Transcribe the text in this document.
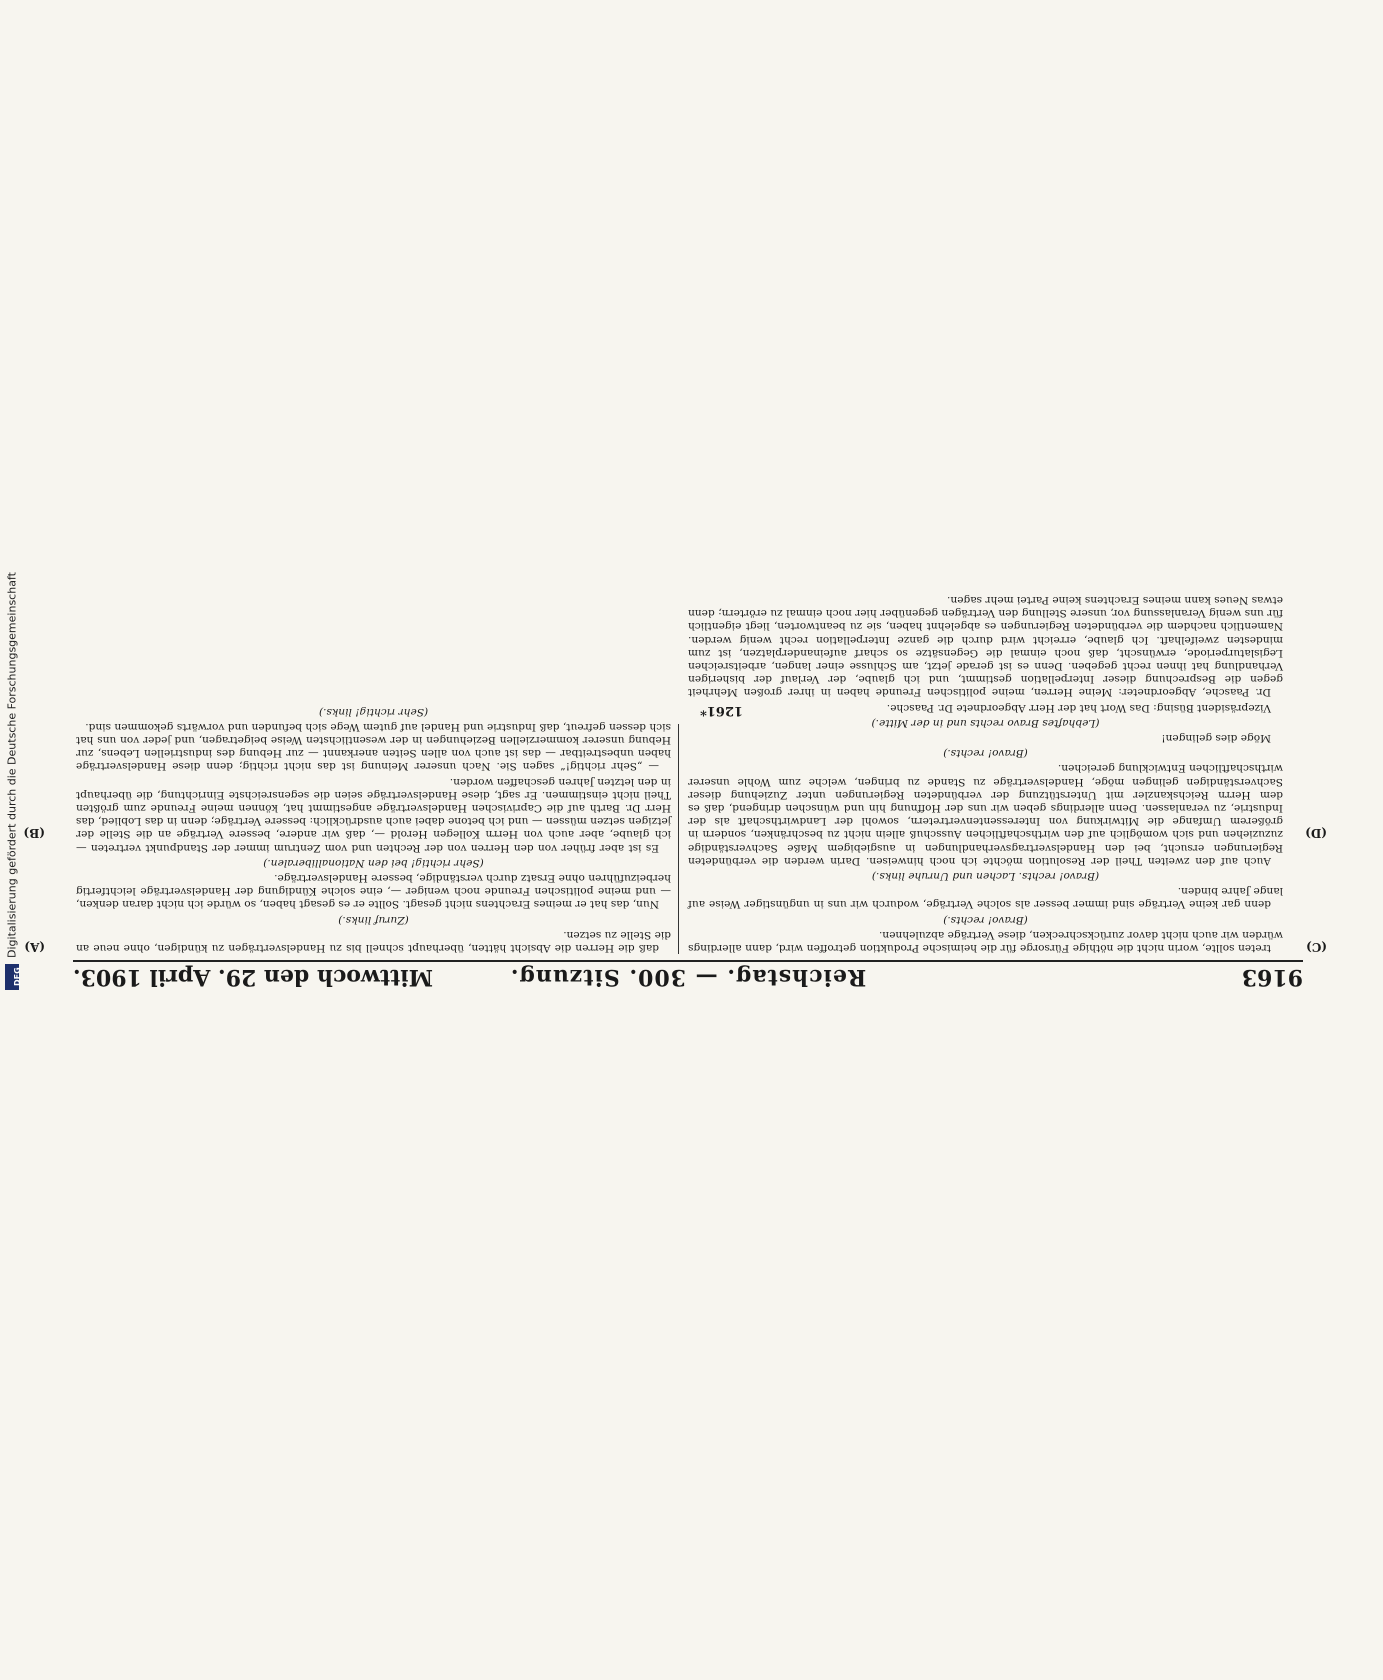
9163
Reichstag. — 300. Sitzung.
Mittwoch den 29. April 1903.
(A)
(B)
(C)
(D)

treten sollte, worin nicht die nöthige Fürsorge für die heimische Produktion getroffen wird, dann allerdings würden wir auch nicht davor zurückschrecken, diese Verträge abzulehnen.

(Bravo! rechts.)

denn gar keine Verträge sind immer besser als solche Verträge, wodurch wir uns in ungünstiger Weise auf lange Jahre binden.

(Bravo! rechts. Lachen und Unruhe links.)

Auch auf den zweiten Theil der Resolution möchte ich noch hinweisen. Darin werden die verbündeten Regierungen ersucht, bei den Handelsvertragsverhandlungen in ausgiebigem Maße Sachverständige zuzuziehen und sich womöglich auf den wirthschaftlichen Ausschuß allein nicht zu beschränken, sondern in größerem Umfange die Mitwirkung von Interessentenvertretern, sowohl der Landwirthschaft als der Industrie, zu veranlassen. Denn allerdings geben wir uns der Hoffnung hin und wünschen dringend, daß es dem Herrn Reichskanzler mit Unterstützung der verbündeten Regierungen unter Zuziehung dieser Sachverständigen gelingen möge, Handelsverträge zu Stande zu bringen, welche zum Wohle unserer wirthschaftlichen Entwicklung gereichen.

(Bravo! rechts.)

Möge dies gelingen!

(Lebhaftes Bravo rechts und in der Mitte.)

Vizepräsident Büsing: Das Wort hat der Herr Abgeordnete Dr. Paasche.

Dr. Paasche, Abgeordneter: Meine Herren, meine politischen Freunde haben in ihrer großen Mehrheit gegen die Besprechung dieser Interpellation gestimmt, und ich glaube, der Verlauf der bisherigen Verhandlung hat ihnen recht gegeben. Denn es ist gerade jetzt, am Schlusse einer langen, arbeitsreichen Legislaturperiode, erwünscht, daß noch einmal die Gegensätze so scharf aufeinanderplatzen, ist zum mindesten zweifelhaft. Ich glaube, erreicht wird durch die ganze Interpellation recht wenig werden. Namentlich nachdem die verbündeten Regierungen es abgelehnt haben, sie zu beantworten, liegt eigentlich für uns wenig Veranlassung vor, unsere Stellung den Verträgen gegenüber hier noch einmal zu erörtern; denn etwas Neues kann meines Erachtens keine Partei mehr sagen.

daß die Herren die Absicht hätten, überhaupt schnell bis zu Handelsverträgen zu kündigen, ohne neue an die Stelle zu setzen.

(Zuruf links.)

Nun, das hat er meines Erachtens nicht gesagt. Sollte er es gesagt haben, so würde ich nicht daran denken, — und meine politischen Freunde noch weniger —, eine solche Kündigung der Handelsverträge leichtfertig herbeizuführen ohne Ersatz durch verständige, bessere Handelsverträge.

(Sehr richtig! bei den Nationalliberalen.)

Es ist aber früher von den Herren von der Rechten und vom Zentrum immer der Standpunkt vertreten — ich glaube, aber auch von Herrn Kollegen Herold —, daß wir andere, bessere Verträge an die Stelle der jetzigen setzen müssen — und ich betone dabei auch ausdrücklich: bessere Verträge; denn in das Loblied, das Herr Dr. Barth auf die Caprivischen Handelsverträge angestimmt hat, können meine Freunde zum größten Theil nicht einstimmen. Er sagt, diese Handelsverträge seien die segensreichste Einrichtung, die überhaupt in den letzten Jahren geschaffen worden.

— „Sehr richtig!“ sagen Sie. Nach unserer Meinung ist das nicht richtig; denn diese Handelsverträge haben unbestreitbar — das ist auch von allen Seiten anerkannt — zur Hebung des industriellen Lebens, zur Hebung unserer kommerziellen Beziehungen in der wesentlichsten Weise beigetragen, und jeder von uns hat sich dessen gefreut, daß Industrie und Handel auf gutem Wege sich befunden und vorwärts gekommen sind.

(Sehr richtig! links.)	1261*
DFG
Digitalisierung gefördert durch die Deutsche Forschungsgemeinschaft
